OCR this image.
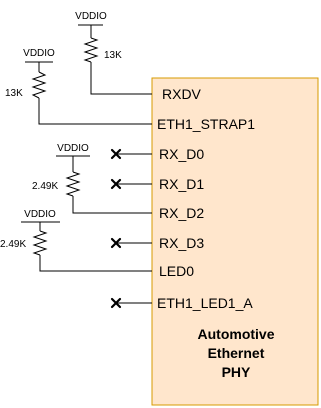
VDDIO
13K
VDDIO
13K
VDDIO
2.49K
VDDIO
2.49K
RXDV
ETH1_STRAP1
RX_D0
RX_D1
RX_D2
RX_D3
LED0
ETH1_LED1_A
Automotive
Ethernet
PHY
